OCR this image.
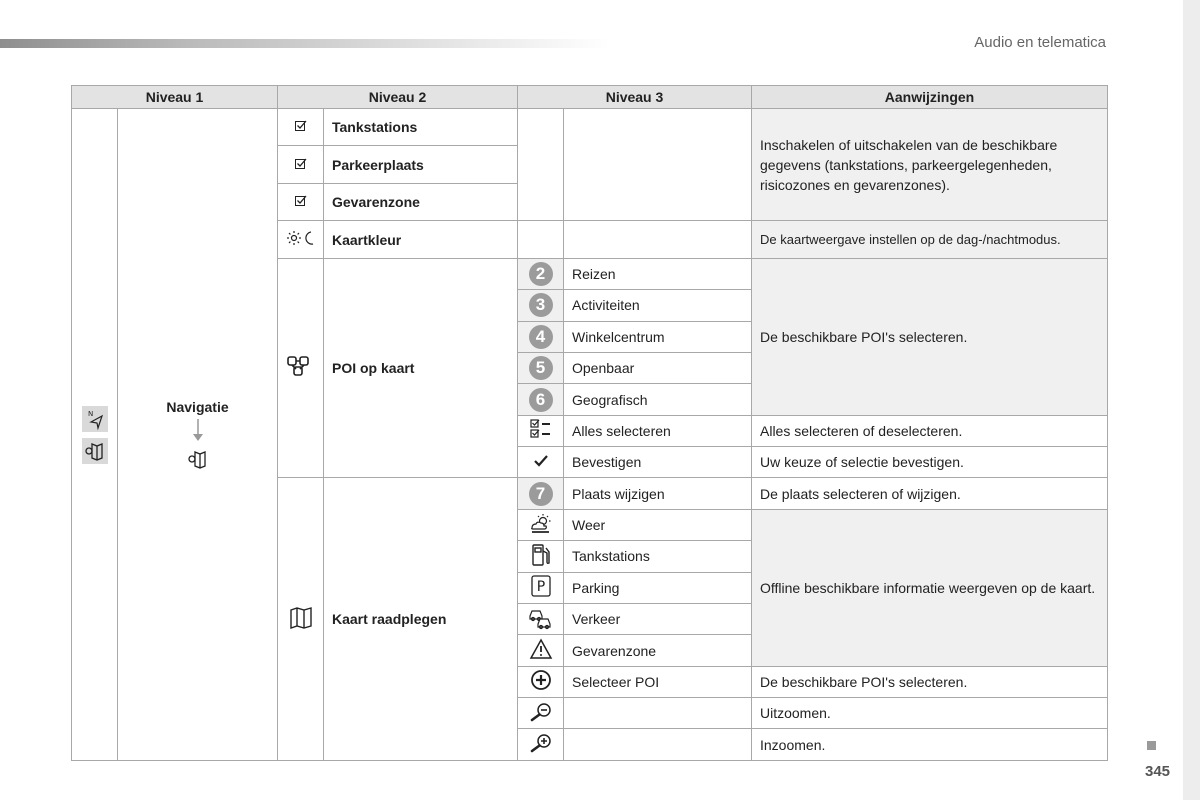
Audio en telematica
345
Niveau 1		Niveau 2		Niveau 3		Aanwijzingen

N	Navigatie		Tankstations			Inschakelen of uitschakelen van de beschikbare gegevens (tankstations, parkeergelegenheden, risicozones en gevarenzones).
	Parkeerplaats			
	Gevarenzone			
	Kaartkleur			De kaartweergave instellen op de dag-/nachtmodus.
	POI op kaart	2	Reizen	De beschikbare POI's selecteren.
				3	Activiteiten	
				4	Winkelcentrum	
				5	Openbaar	
				6	Geografisch	
	Alles selecteren	Alles selecteren of deselecteren.
	Bevestigen	Uw keuze of selectie bevestigen.
	Kaart raadplegen	7	Plaats wijzigen	De plaats selecteren of wijzigen.
	Weer	Offline beschikbare informatie weergeven op de kaart.
	Tankstations	

P	Parking	
	Verkeer	
	Gevarenzone	
	Selecteer POI	De beschikbare POI's selecteren.
		Uitzoomen.
		Inzoomen.
